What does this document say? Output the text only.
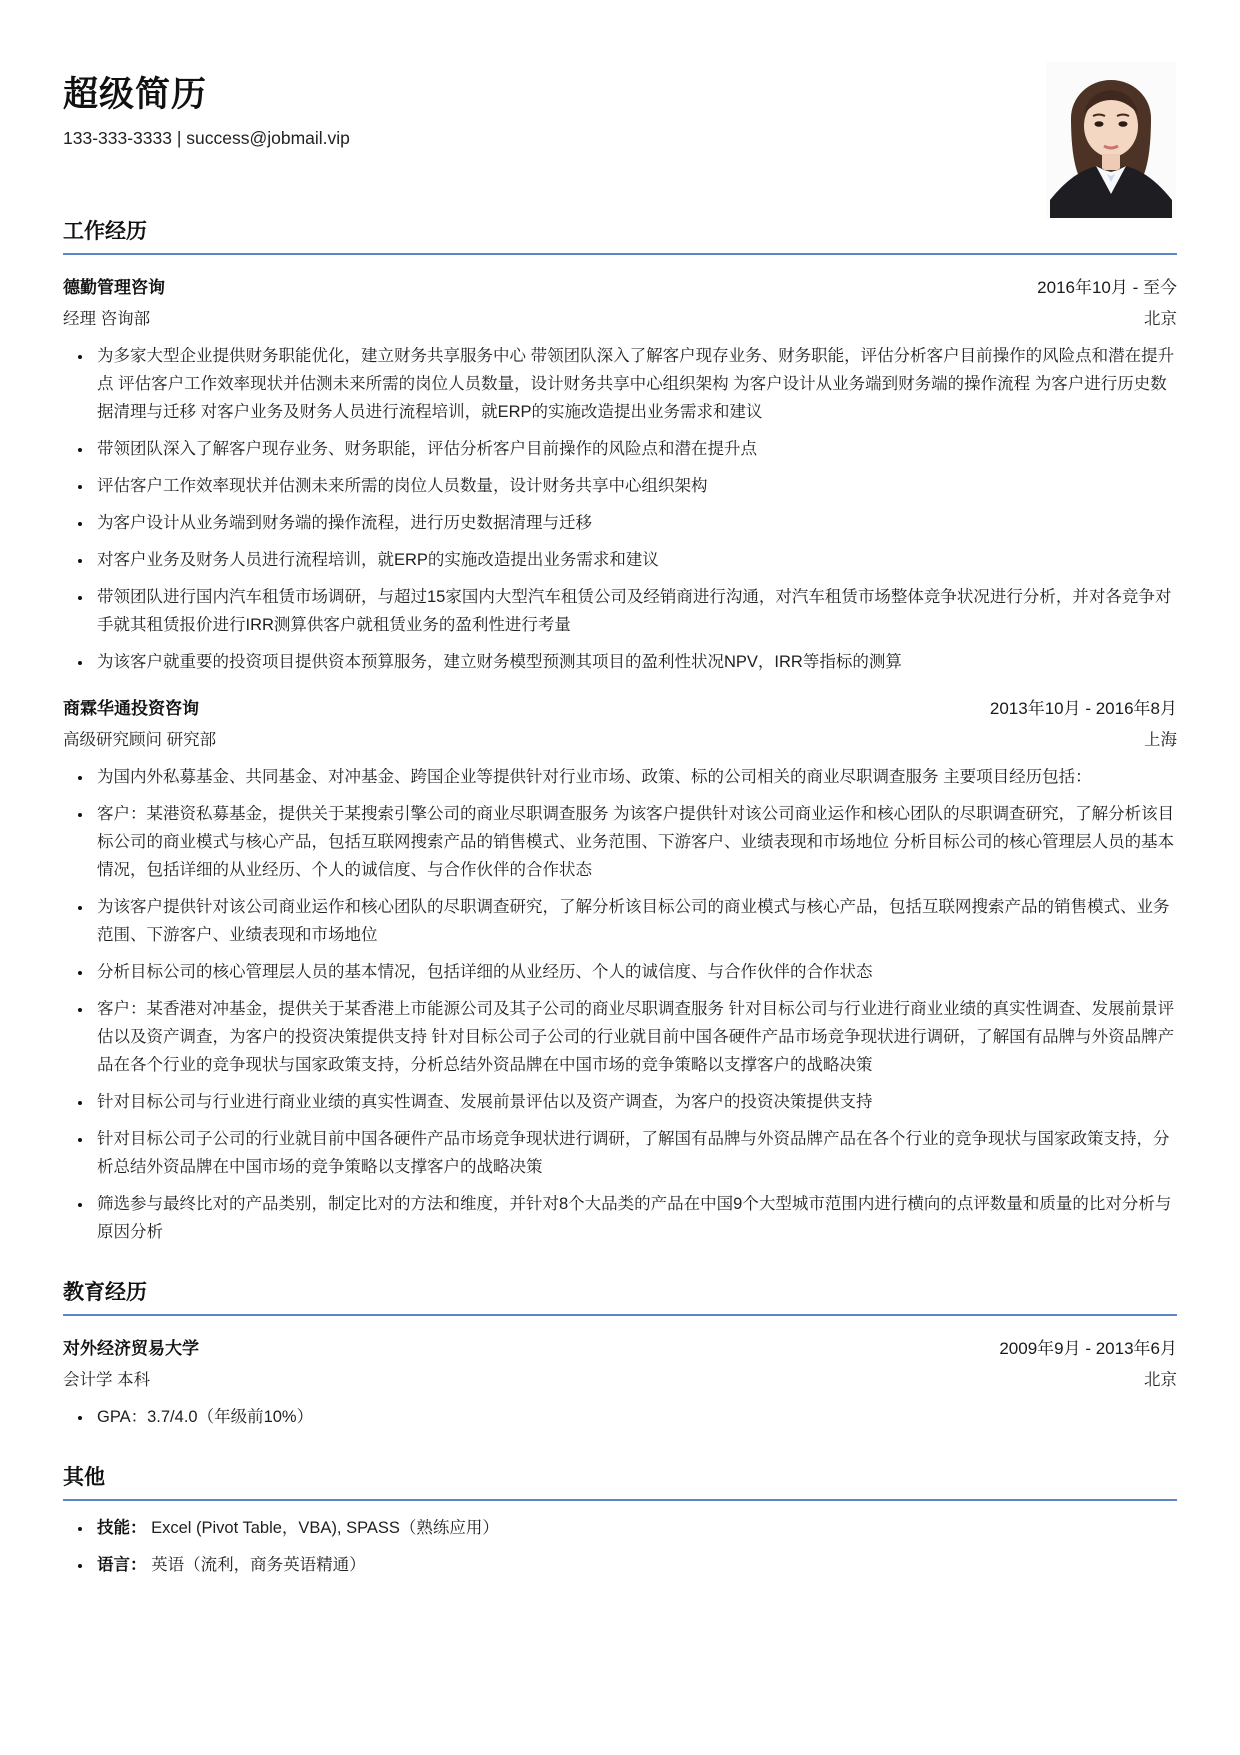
超级简历
133-333-3333 | success@jobmail.vip
工作经历
德勤管理咨询	2016年10月 - 至今
经理 咨询部	北京
• 为多家大型企业提供财务职能优化，建立财务共享服务中心 带领团队深入了解客户现存业务、财务职能，评估分析客户目前操作的风险点和潜在提升点 评估客户工作效率现状并估测未来所需的岗位人员数量，设计财务共享中心组织架构 为客户设计从业务端到财务端的操作流程 为客户进行历史数据清理与迁移 对客户业务及财务人员进行流程培训，就ERP的实施改造提出业务需求和建议
• 带领团队深入了解客户现存业务、财务职能，评估分析客户目前操作的风险点和潜在提升点
• 评估客户工作效率现状并估测未来所需的岗位人员数量，设计财务共享中心组织架构
• 为客户设计从业务端到财务端的操作流程，进行历史数据清理与迁移
• 对客户业务及财务人员进行流程培训，就ERP的实施改造提出业务需求和建议
• 带领团队进行国内汽车租赁市场调研，与超过15家国内大型汽车租赁公司及经销商进行沟通，对汽车租赁市场整体竞争状况进行分析，并对各竞争对手就其租赁报价进行IRR测算供客户就租赁业务的盈利性进行考量
• 为该客户就重要的投资项目提供资本预算服务，建立财务模型预测其项目的盈利性状况NPV，IRR等指标的测算
商霖华通投资咨询	2013年10月 - 2016年8月
高级研究顾问 研究部	上海
• 为国内外私募基金、共同基金、对冲基金、跨国企业等提供针对行业市场、政策、标的公司相关的商业尽职调查服务 主要项目经历包括：
• 客户：某港资私募基金，提供关于某搜索引擎公司的商业尽职调查服务 为该客户提供针对该公司商业运作和核心团队的尽职调查研究，了解分析该目标公司的商业模式与核心产品，包括互联网搜索产品的销售模式、业务范围、下游客户、业绩表现和市场地位 分析目标公司的核心管理层人员的基本情况，包括详细的从业经历、个人的诚信度、与合作伙伴的合作状态
• 为该客户提供针对该公司商业运作和核心团队的尽职调查研究，了解分析该目标公司的商业模式与核心产品，包括互联网搜索产品的销售模式、业务范围、下游客户、业绩表现和市场地位
• 分析目标公司的核心管理层人员的基本情况，包括详细的从业经历、个人的诚信度、与合作伙伴的合作状态
• 客户：某香港对冲基金，提供关于某香港上市能源公司及其子公司的商业尽职调查服务 针对目标公司与行业进行商业业绩的真实性调查、发展前景评估以及资产调查，为客户的投资决策提供支持 针对目标公司子公司的行业就目前中国各硬件产品市场竞争现状进行调研，了解国有品牌与外资品牌产品在各个行业的竞争现状与国家政策支持，分析总结外资品牌在中国市场的竞争策略以支撑客户的战略决策
• 针对目标公司与行业进行商业业绩的真实性调查、发展前景评估以及资产调查，为客户的投资决策提供支持
• 针对目标公司子公司的行业就目前中国各硬件产品市场竞争现状进行调研，了解国有品牌与外资品牌产品在各个行业的竞争现状与国家政策支持，分析总结外资品牌在中国市场的竞争策略以支撑客户的战略决策
• 筛选参与最终比对的产品类别，制定比对的方法和维度，并针对8个大品类的产品在中国9个大型城市范围内进行横向的点评数量和质量的比对分析与原因分析
教育经历
对外经济贸易大学	2009年9月 - 2013年6月
会计学 本科	北京
• GPA：3.7/4.0（年级前10%）
其他
• 技能： Excel (Pivot Table，VBA), SPASS（熟练应用）
• 语言： 英语（流利，商务英语精通）
